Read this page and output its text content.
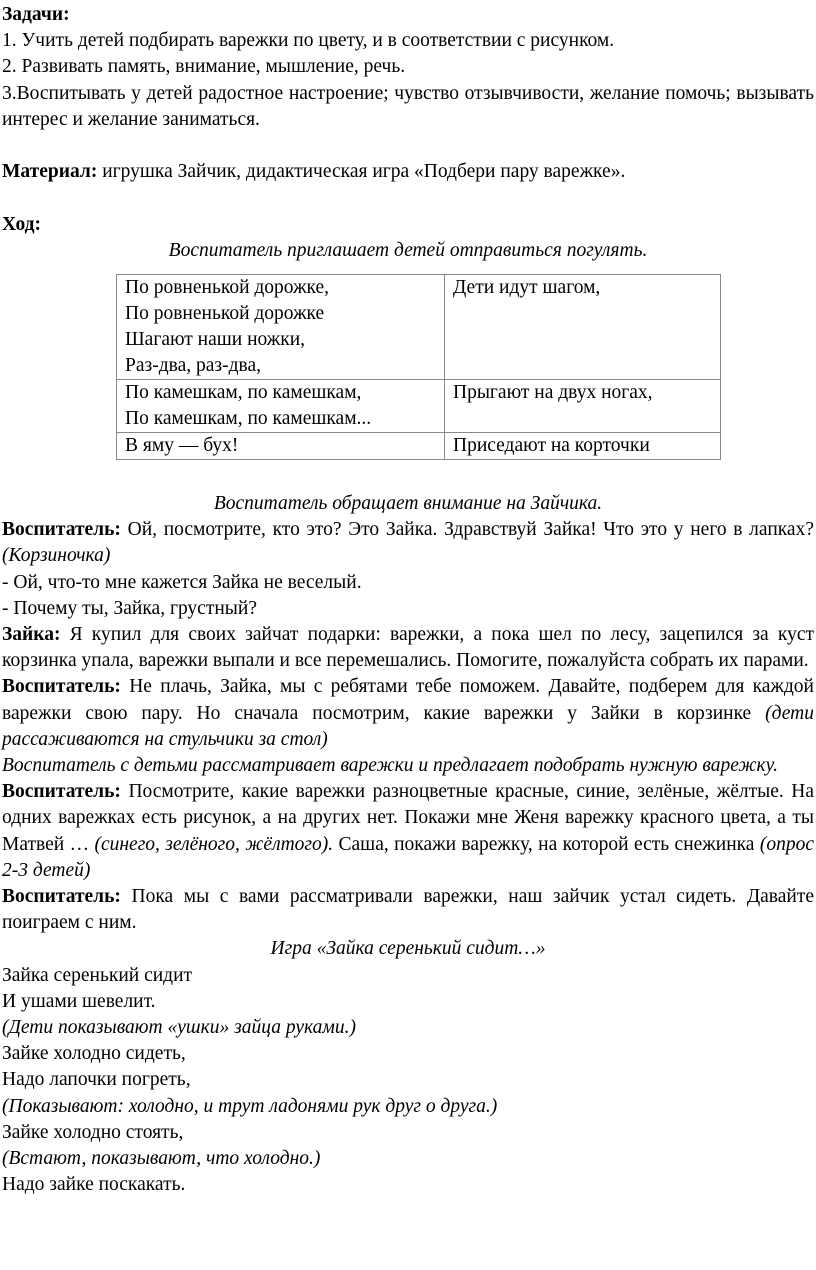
Задачи:

1. Учить детей подбирать варежки по цвету, и в соответствии с рисунком.

2. Развивать память, внимание, мышление, речь.

3.Воспитывать у детей радостное настроение; чувство отзывчивости, желание помочь; вызывать интерес и желание заниматься.

Материал: игрушка Зайчик, дидактическая игра «Подбери пару варежке».

Ход:

Воспитатель приглашает детей отправиться погулять.

По ровненькой дорожке,
По ровненькой дорожке
Шагают наши ножки,
Раз-два, раз-два,	Дети идут шагом,

По камешкам, по камешкам,
По камешкам, по камешкам...	Прыгают на двух ногах,

В яму — бух!	Приседают на корточки

Воспитатель обращает внимание на Зайчика.

Воспитатель: Ой, посмотрите, кто это? Это Зайка. Здравствуй Зайка! Что это у него в лапках? (Корзиночка)

- Ой, что-то мне кажется Зайка не веселый.

- Почему ты, Зайка, грустный?

Зайка: Я купил для своих зайчат подарки: варежки, а пока шел по лесу, зацепился за куст корзинка упала, варежки выпали и все перемешались. Помогите, пожалуйста собрать их парами.

Воспитатель: Не плачь, Зайка, мы с ребятами тебе поможем. Давайте, подберем для каждой варежки свою пару. Но сначала посмотрим, какие варежки у Зайки в корзинке (дети рассаживаются на стульчики за стол)

Воспитатель с детьми рассматривает варежки и предлагает подобрать нужную варежку.

Воспитатель: Посмотрите, какие варежки разноцветные красные, синие, зелёные, жёлтые. На одних варежках есть рисунок, а на других нет. Покажи мне Женя варежку красного цвета, а ты Матвей … (синего, зелёного, жёлтого). Саша, покажи варежку, на которой есть снежинка (опрос 2-3 детей)

Воспитатель: Пока мы с вами рассматривали варежки, наш зайчик устал сидеть. Давайте поиграем с ним.

Игра «Зайка серенький сидит…»

Зайка серенький сидит

И ушами шевелит.

(Дети показывают «ушки» зайца руками.)

Зайке холодно сидеть,

Надо лапочки погреть,

(Показывают: холодно, и трут ладонями рук друг о друга.)

Зайке холодно стоять,

(Встают, показывают, что холодно.)

Надо зайке поскакать.
